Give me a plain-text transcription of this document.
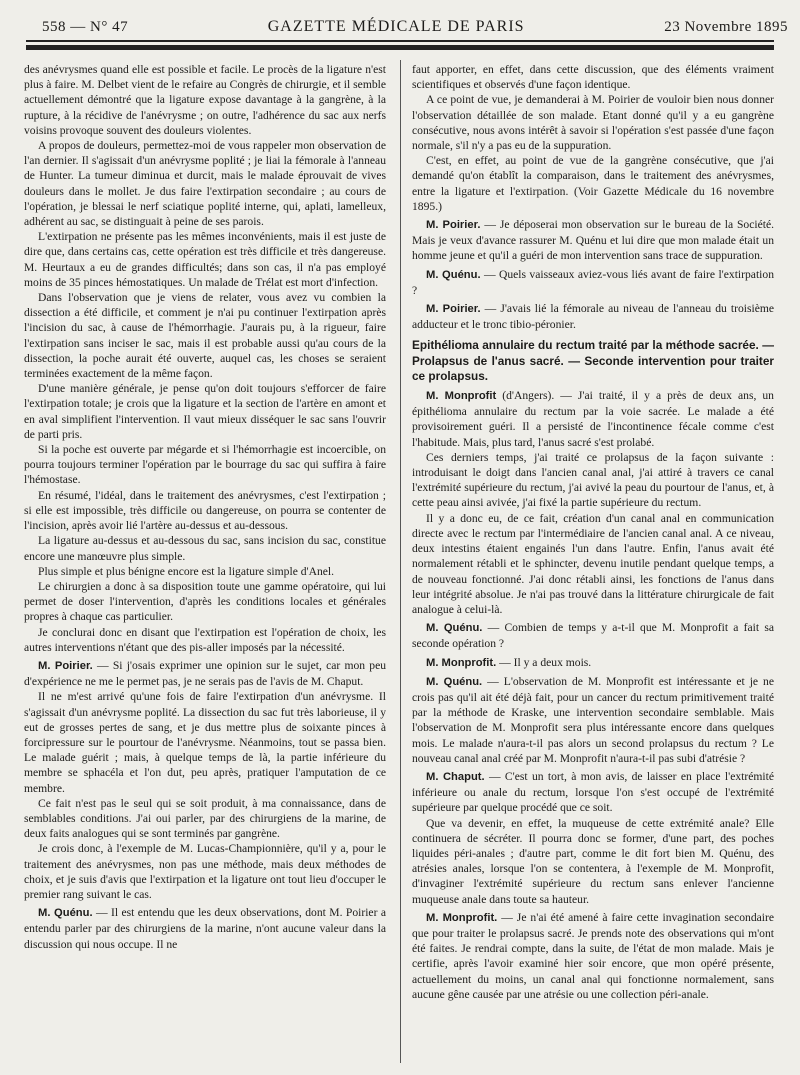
558 — N° 47	GAZETTE MÉDICALE DE PARIS	23 Novembre 1895

des anévrysmes quand elle est possible et facile. Le procès de la ligature n'est plus à faire. M. Delbet vient de le refaire au Congrès de chirurgie, et il semble actuellement démontré que la ligature expose davantage à la gangrène, à la rupture, à la récidive de l'anévrysme ; on outre, l'adhérence du sac aux nerfs voisins provoque souvent des douleurs violentes.

A propos de douleurs, permettez-moi de vous rappeler mon observation de l'an dernier. Il s'agissait d'un anévrysme poplité ; je liai la fémorale à l'anneau de Hunter. La tumeur diminua et durcit, mais le malade éprouvait de vives douleurs dans le mollet. Je dus faire l'extirpation secondaire ; au cours de l'opération, je blessai le nerf sciatique poplité interne, qui, aplati, lamelleux, adhérent au sac, se distinguait à peine de ses parois.

L'extirpation ne présente pas les mêmes inconvénients, mais il est juste de dire que, dans certains cas, cette opération est très difficile et très dangereuse. M. Heurtaux a eu de grandes difficultés; dans son cas, il n'a pas employé moins de 35 pinces hémostatiques. Un malade de Trélat est mort d'infection.

Dans l'observation que je viens de relater, vous avez vu combien la dissection a été difficile, et comment je n'ai pu continuer l'extirpation après l'incision du sac, à cause de l'hémorrhagie. J'aurais pu, à la rigueur, faire l'extirpation sans inciser le sac, mais il est probable aussi qu'au cours de la dissection, la poche aurait été ouverte, auquel cas, les choses se seraient terminées exactement de la même façon.

D'une manière générale, je pense qu'on doit toujours s'efforcer de faire l'extirpation totale; je crois que la ligature et la section de l'artère en amont et en aval simplifient l'intervention. Il vaut mieux disséquer le sac sans l'ouvrir de parti pris.

Si la poche est ouverte par mégarde et si l'hémorrhagie est incoercible, on pourra toujours terminer l'opération par le bourrage du sac qui suffira à faire l'hémostase.

En résumé, l'idéal, dans le traitement des anévrysmes, c'est l'extirpation ; si elle est impossible, très difficile ou dangereuse, on pourra se contenter de l'incision, après avoir lié l'artère au-dessus et au-dessous.

La ligature au-dessus et au-dessous du sac, sans incision du sac, constitue encore une manœuvre plus simple.

Plus simple et plus bénigne encore est la ligature simple d'Anel.

Le chirurgien a donc à sa disposition toute une gamme opératoire, qui lui permet de doser l'intervention, d'après les conditions locales et générales propres à chaque cas particulier.

Je conclurai donc en disant que l'extirpation est l'opération de choix, les autres interventions n'étant que des pis-aller imposés par la nécessité.

M. Poirier. — Si j'osais exprimer une opinion sur le sujet, car mon peu d'expérience ne me le permet pas, je ne serais pas de l'avis de M. Chaput.

Il ne m'est arrivé qu'une fois de faire l'extirpation d'un anévrysme. Il s'agissait d'un anévrysme poplité. La dissection du sac fut très laborieuse, il y eut de grosses pertes de sang, et je dus mettre plus de soixante pinces à forcipressure sur le pourtour de l'anévrysme. Néanmoins, tout se passa bien. Le malade guérit ; mais, à quelque temps de là, la partie inférieure du membre se sphacéla et l'on dut, peu après, pratiquer l'amputation de ce membre.

Ce fait n'est pas le seul qui se soit produit, à ma connaissance, dans de semblables conditions. J'ai oui parler, par des chirurgiens de la marine, de deux faits analogues qui se sont terminés par gangrène.

Je crois donc, à l'exemple de M. Lucas-Championnière, qu'il y a, pour le traitement des anévrysmes, non pas une méthode, mais deux méthodes de choix, et je suis d'avis que l'extirpation et la ligature ont tout lieu d'occuper le premier rang suivant le cas.

M. Quénu. — Il est entendu que les deux observations, dont M. Poirier a entendu parler par des chirurgiens de la marine, n'ont aucune valeur dans la discussion qui nous occupe. Il ne

faut apporter, en effet, dans cette discussion, que des éléments vraiment scientifiques et observés d'une façon identique.

A ce point de vue, je demanderai à M. Poirier de vouloir bien nous donner l'observation détaillée de son malade. Etant donné qu'il y a eu gangrène consécutive, nous avons intérêt à savoir si l'opération s'est passée d'une façon normale, s'il n'y a pas eu de la suppuration.

C'est, en effet, au point de vue de la gangrène consécutive, que j'ai demandé qu'on établît la comparaison, dans le traitement des anévrysmes, entre la ligature et l'extirpation. (Voir Gazette Médicale du 16 novembre 1895.)

M. Poirier. — Je déposerai mon observation sur le bureau de la Société. Mais je veux d'avance rassurer M. Quénu et lui dire que mon malade était un homme jeune et qu'il a guéri de mon intervention sans trace de suppuration.

M. Quénu. — Quels vaisseaux aviez-vous liés avant de faire l'extirpation ?

M. Poirier. — J'avais lié la fémorale au niveau de l'anneau du troisième adducteur et le tronc tibio-péronier.

Epithélioma annulaire du rectum traité par la méthode sacrée. — Prolapsus de l'anus sacré. — Seconde intervention pour traiter ce prolapsus.

M. Monprofit (d'Angers). — J'ai traité, il y a près de deux ans, un épithélioma annulaire du rectum par la voie sacrée. Le malade a été provisoirement guéri. Il a persisté de l'incontinence fécale comme c'est l'habitude. Mais, plus tard, l'anus sacré s'est prolabé.

Ces derniers temps, j'ai traité ce prolapsus de la façon suivante : introduisant le doigt dans l'ancien canal anal, j'ai attiré à travers ce canal l'extrémité supérieure du rectum, j'ai avivé la peau du pourtour de l'anus, et, à cette peau ainsi avivée, j'ai fixé la partie supérieure du rectum.

Il y a donc eu, de ce fait, création d'un canal anal en communication directe avec le rectum par l'intermédiaire de l'ancien canal anal. A ce niveau, deux intestins étaient engainés l'un dans l'autre. Enfin, l'anus avait été normalement rétabli et le sphincter, devenu inutile pendant quelque temps, a de nouveau fonctionné. J'ai donc rétabli ainsi, les fonctions de l'anus dans leur intégrité absolue. Je n'ai pas trouvé dans la littérature chirurgicale de fait analogue à celui-là.

M. Quénu. — Combien de temps y a-t-il que M. Monprofit a fait sa seconde opération ?

M. Monprofit. — Il y a deux mois.

M. Quénu. — L'observation de M. Monprofit est intéressante et je ne crois pas qu'il ait été déjà fait, pour un cancer du rectum primitivement traité par la méthode de Kraske, une intervention secondaire semblable. Mais l'observation de M. Monprofit sera plus intéressante encore dans quelques mois. Le malade n'aura-t-il pas alors un second prolapsus du rectum ? Le nouveau canal anal créé par M. Monprofit n'aura-t-il pas subi d'atrésie ?

M. Chaput. — C'est un tort, à mon avis, de laisser en place l'extrémité inférieure ou anale du rectum, lorsque l'on s'est occupé de l'extrémité supérieure par quelque procédé que ce soit.

Que va devenir, en effet, la muqueuse de cette extrémité anale? Elle continuera de sécréter. Il pourra donc se former, d'une part, des poches liquides péri-anales ; d'autre part, comme le dit fort bien M. Quénu, des atrésies anales, lorsque l'on se contentera, à l'exemple de M. Monprofit, d'invaginer l'extrémité supérieure du rectum sans enlever l'ancienne muqueuse anale dans toute sa hauteur.

M. Monprofit. — Je n'ai été amené à faire cette invagination secondaire que pour traiter le prolapsus sacré. Je prends note des observations qui m'ont été faites. Je rendrai compte, dans la suite, de l'état de mon malade. Mais je certifie, après l'avoir examiné hier soir encore, que mon opéré présente, actuellement du moins, un canal anal qui fonctionne normalement, sans aucune gêne causée par une atrésie ou une collection péri-anale.
